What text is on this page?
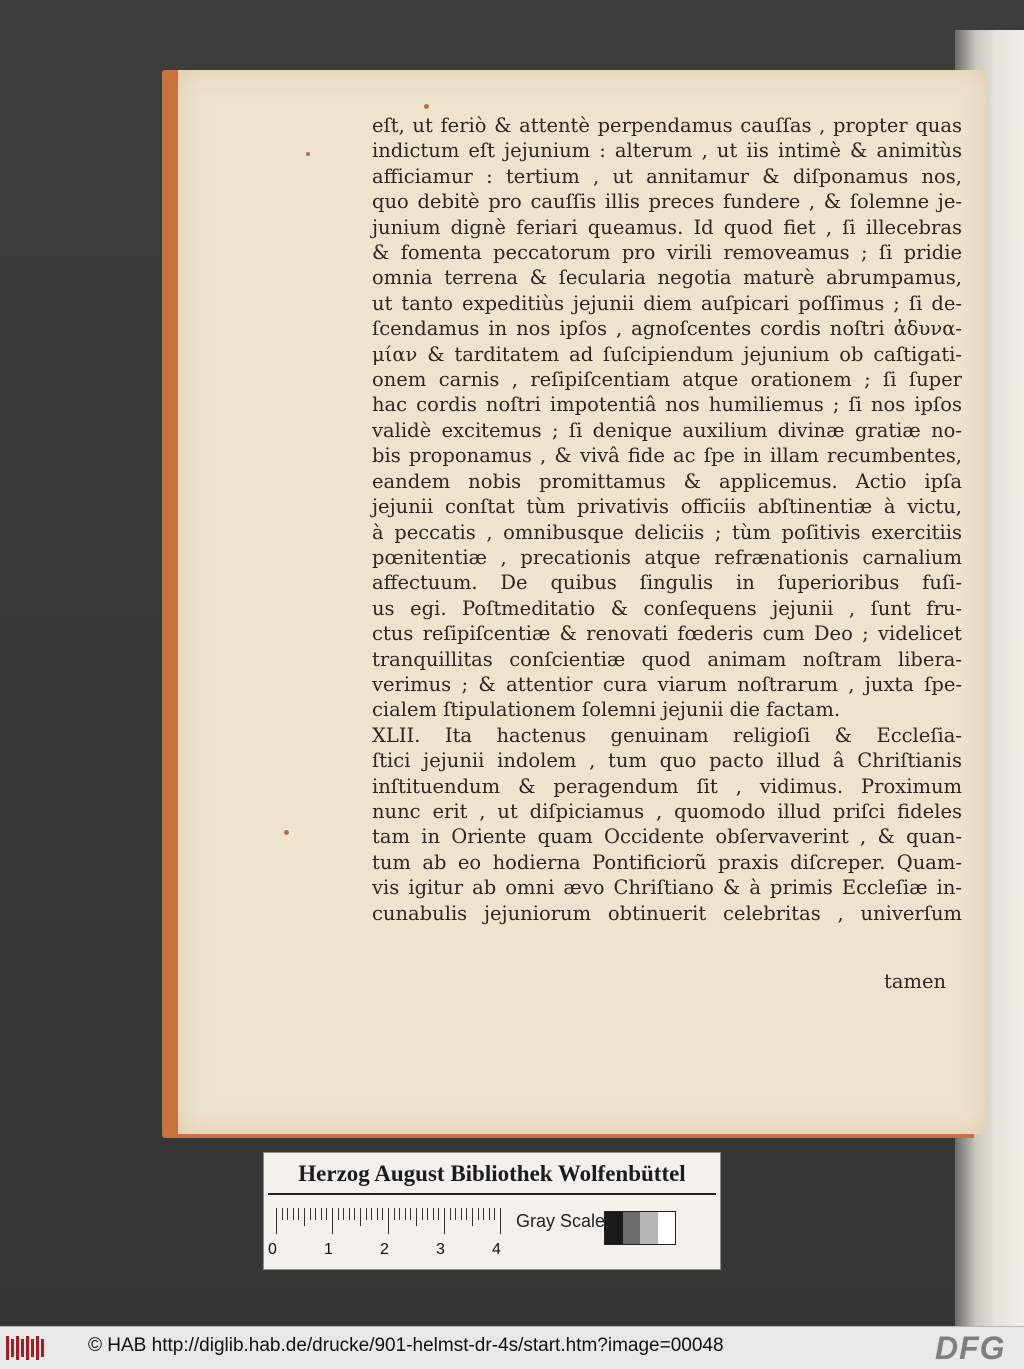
eſt, ut feriò & attentè perpendamus cauſſas , propter quas
indictum eſt jejunium : alterum , ut iis intimè & animitùs
afficiamur : tertium , ut annitamur & diſponamus nos,
quo debitè pro cauſſis illis preces fundere , & ſolemne je-
junium dignè feriari queamus. Id quod fiet , ſi illecebras
& fomenta peccatorum pro virili removeamus ; ſi pridie
omnia terrena & ſecularia negotia maturè abrumpamus,
ut tanto expeditiùs jejunii diem auſpicari poſſimus ; ſi de-
ſcendamus in nos ipſos , agnoſcentes cordis noſtri ἀδυνα-
μίαν & tarditatem ad ſuſcipiendum jejunium ob caſtigati-
onem carnis , reſipiſcentiam atque orationem ; ſi ſuper
hac cordis noſtri impotentiâ nos humiliemus ; ſi nos ipſos
validè excitemus ; ſi denique auxilium divinæ gratiæ no-
bis proponamus , & vivâ fide ac ſpe in illam recumbentes,
eandem nobis promittamus & applicemus. Actio ipſa
jejunii conſtat tùm privativis officiis abſtinentiæ à victu,
à peccatis , omnibusque deliciis ; tùm poſitivis exercitiis
pœnitentiæ , precationis atque refrænationis carnalium
affectuum. De quibus ſingulis in ſuperioribus fuſi-
us egi. Poſtmeditatio & conſequens jejunii , ſunt fru-
ctus reſipiſcentiæ & renovati fœderis cum Deo ; videlicet
tranquillitas conſcientiæ quod animam noſtram libera-
verimus ; & attentior cura viarum noſtrarum , juxta ſpe-
cialem ſtipulationem ſolemni jejunii die factam.
XLII. Ita hactenus genuinam religioſi & Eccleſia-
ſtici jejunii indolem , tum quo pacto illud â Chriſtianis
inſtituendum & peragendum ſit , vidimus. Proximum
nunc erit , ut diſpiciamus , quomodo illud priſci fideles
tam in Oriente quam Occidente obſervaverint , & quan-
tum ab eo hodierna Pontificiorũ praxis diſcreper. Quam-
vis igitur ab omni ævo Chriſtiano & à primis Eccleſiæ in-
cunabulis jejuniorum obtinuerit celebritas , univerſum
tamen
Herzog August Bibliothek Wolfenbüttel
0	1	2	3	4
Gray Scale
© HAB http://diglib.hab.de/drucke/901-helmst-dr-4s/start.htm?image=00048	DFG
